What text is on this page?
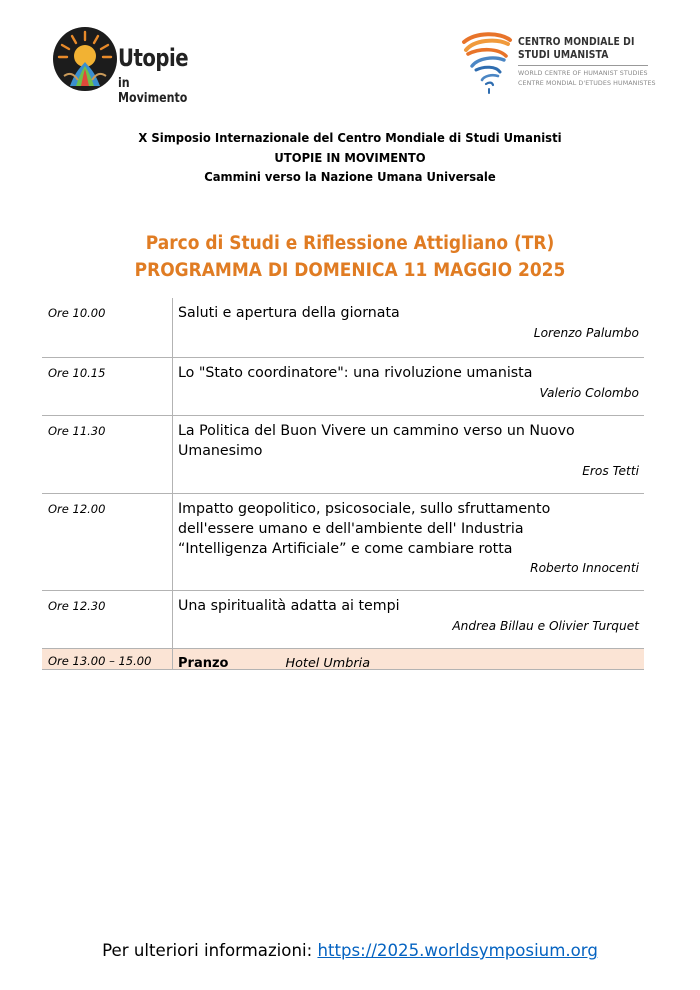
Utopie
in Movimento
CENTRO MONDIALE DI
STUDI UMANISTA
WORLD CENTRE OF HUMANIST STUDIES
CENTRE MONDIAL D'ETUDES HUMANISTES
X Simposio Internazionale del Centro Mondiale di Studi Umanisti
UTOPIE IN MOVIMENTO
Cammini verso la Nazione Umana Universale
Parco di Studi e Riflessione Attigliano (TR)
PROGRAMMA DI DOMENICA 11 MAGGIO 2025
Ore 10.00	Saluti e apertura della giornata
Lorenzo Palumbo
Ore 10.15	Lo "Stato coordinatore": una rivoluzione umanista
Valerio Colombo
Ore 11.30	La Politica del Buon Vivere un cammino verso un Nuovo
Umanesimo
Eros Tetti
Ore 12.00	Impatto geopolitico, psicosociale, sullo sfruttamento
dell'essere umano e dell'ambiente dell' Industria
“Intelligenza Artificiale” e come cambiare rotta
Roberto Innocenti
Ore 12.30	Una spiritualità adatta ai tempi
Andrea Billau e Olivier Turquet
Ore 13.00 – 15.00	Pranzo	Hotel Umbria
Per ulteriori informazioni: https://2025.worldsymposium.org
